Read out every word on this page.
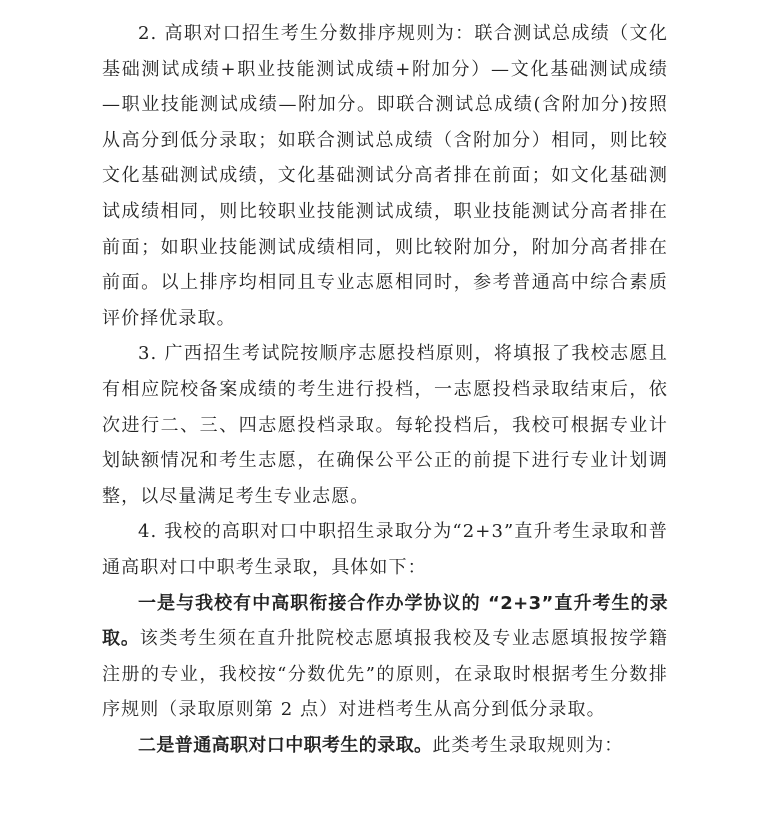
2. 高职对口招生考生分数排序规则为：联合测试总成绩（文化基础测试成绩+职业技能测试成绩+附加分）—文化基础测试成绩—职业技能测试成绩—附加分。即联合测试总成绩(含附加分)按照从高分到低分录取；如联合测试总成绩（含附加分）相同，则比较文化基础测试成绩，文化基础测试分高者排在前面；如文化基础测试成绩相同，则比较职业技能测试成绩，职业技能测试分高者排在前面；如职业技能测试成绩相同，则比较附加分，附加分高者排在前面。以上排序均相同且专业志愿相同时，参考普通高中综合素质评价择优录取。

3. 广西招生考试院按顺序志愿投档原则，将填报了我校志愿且有相应院校备案成绩的考生进行投档，一志愿投档录取结束后，依次进行二、三、四志愿投档录取。每轮投档后，我校可根据专业计划缺额情况和考生志愿，在确保公平公正的前提下进行专业计划调整，以尽量满足考生专业志愿。

4. 我校的高职对口中职招生录取分为“2+3”直升考生录取和普通高职对口中职考生录取，具体如下：

一是与我校有中高职衔接合作办学协议的 “2+3”直升考生的录取。该类考生须在直升批院校志愿填报我校及专业志愿填报按学籍注册的专业，我校按“分数优先”的原则，在录取时根据考生分数排序规则（录取原则第 2 点）对进档考生从高分到低分录取。

二是普通高职对口中职考生的录取。此类考生录取规则为：
